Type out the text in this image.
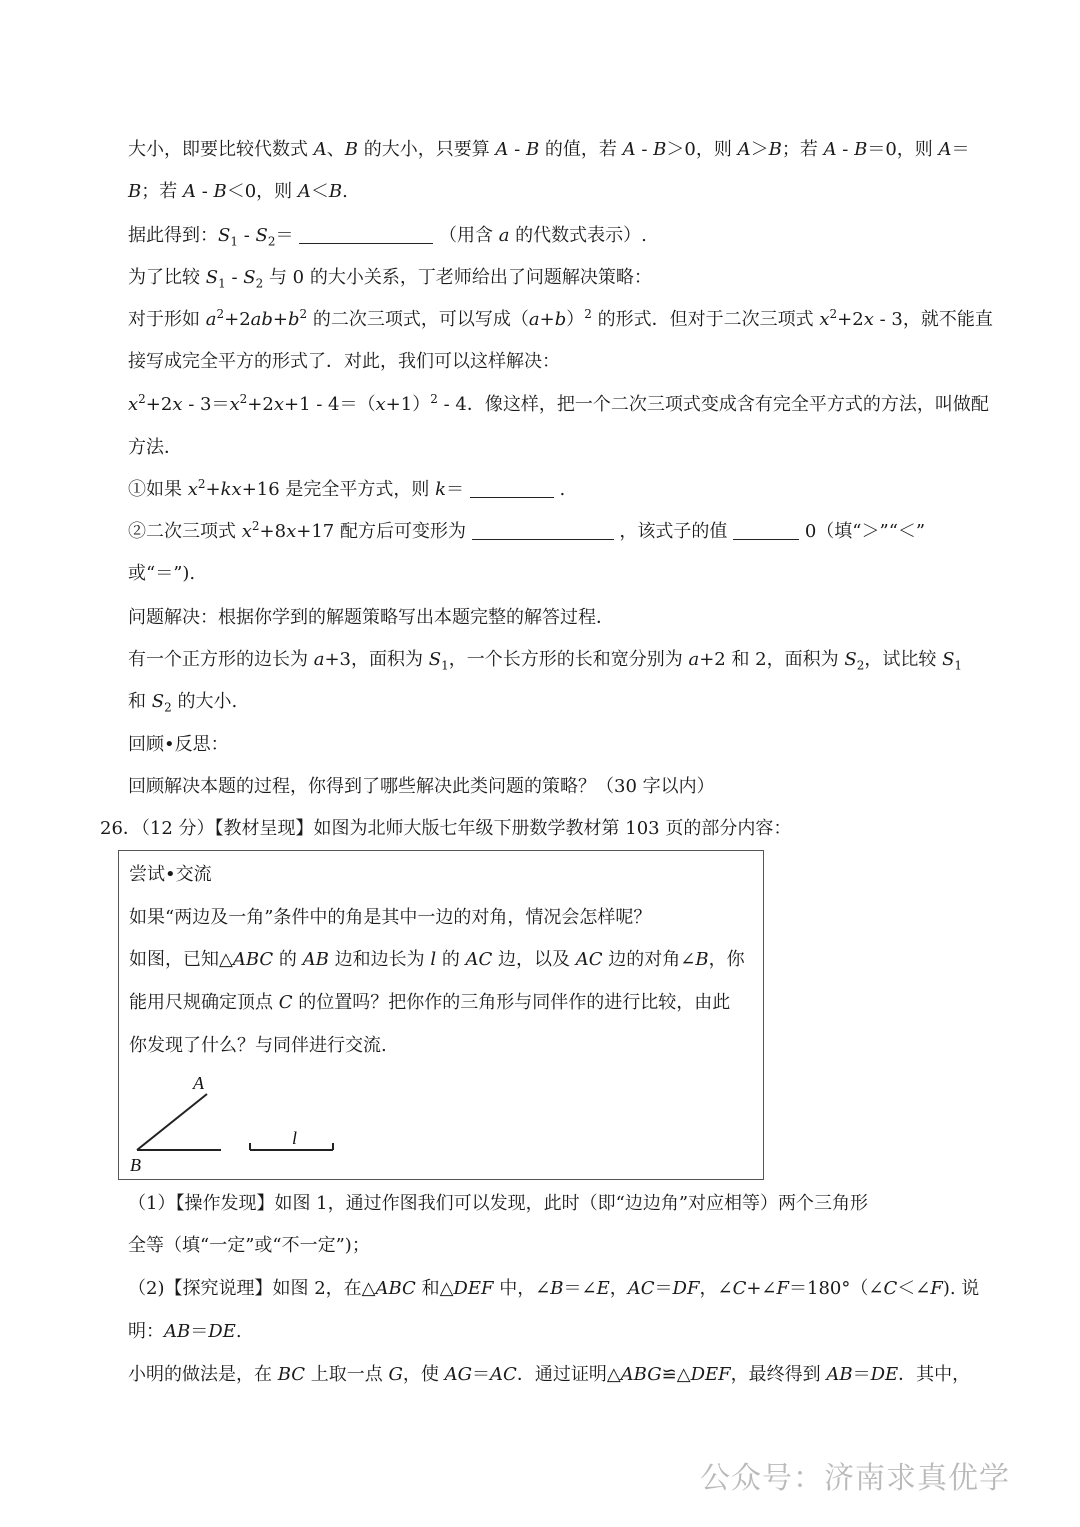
大小，即要比较代数式 A、B 的大小，只要算 A - B 的值，若 A - B＞0，则 A＞B；若 A - B＝0，则 A＝
B；若 A - B＜0，则 A＜B.
据此得到：$S_1 - S_2=$	（用含 a 的代数式表示）.
为了比较 $S_1 - S_2$ 与 0 的大小关系，丁老师给出了问题解决策略：
对于形如 $a^2+2ab+b^2$ 的二次三项式，可以写成$(a+b)^2$ 的形式．但对于二次三项式 $x^2+2x - 3$，就不能直
接写成完全平方的形式了．对此，我们可以这样解决：
$x^2+2x - 3=x^2+2x+1 - 4=(x+1)^2 - 4$．像这样，把一个二次三项式变成含有完全平方式的方法，叫做配
方法．
①如果 $x^2+kx+16$ 是完全平方式，则 k＝	.
②二次三项式 $x^2+8x+17$ 配方后可变形为	，该式子的值	0（填“＞”“＜”
或“＝”).
问题解决：根据你学到的解题策略写出本题完整的解答过程．
有一个正方形的边长为 a+3，面积为 $S_1$，一个长方形的长和宽分别为 a+2 和 2，面积为 $S_2$，试比较 $S_1$
和 $S_2$ 的大小.
回顾•反思：
回顾解决本题的过程，你得到了哪些解决此类问题的策略？（30 字以内）
26．（12 分）【教材呈现】如图为北师大版七年级下册数学教材第 103 页的部分内容：
尝试•交流
如果“两边及一角”条件中的角是其中一边的对角，情况会怎样呢？
如图，已知△ABC 的 AB 边和边长为 l 的 AC 边，以及 AC 边的对角∠B，你
能用尺规确定顶点 C 的位置吗？把你作的三角形与同伴作的进行比较，由此
你发现了什么？与同伴进行交流.
A
B
l
（1）【操作发现】如图 1，通过作图我们可以发现，此时（即“边边角”对应相等）两个三角形
全等（填“一定”或“不一定”)；
（2)【探究说理】如图 2，在△ABC 和△DEF 中，∠B＝∠E，AC＝DF，∠C+∠F＝180°（∠C＜∠F). 说
明：AB＝DE.
小明的做法是，在 BC 上取一点 G，使 AG＝AC．通过证明△ABG≌△DEF，最终得到 AB＝DE．其中，
公众号：济南求真优学
